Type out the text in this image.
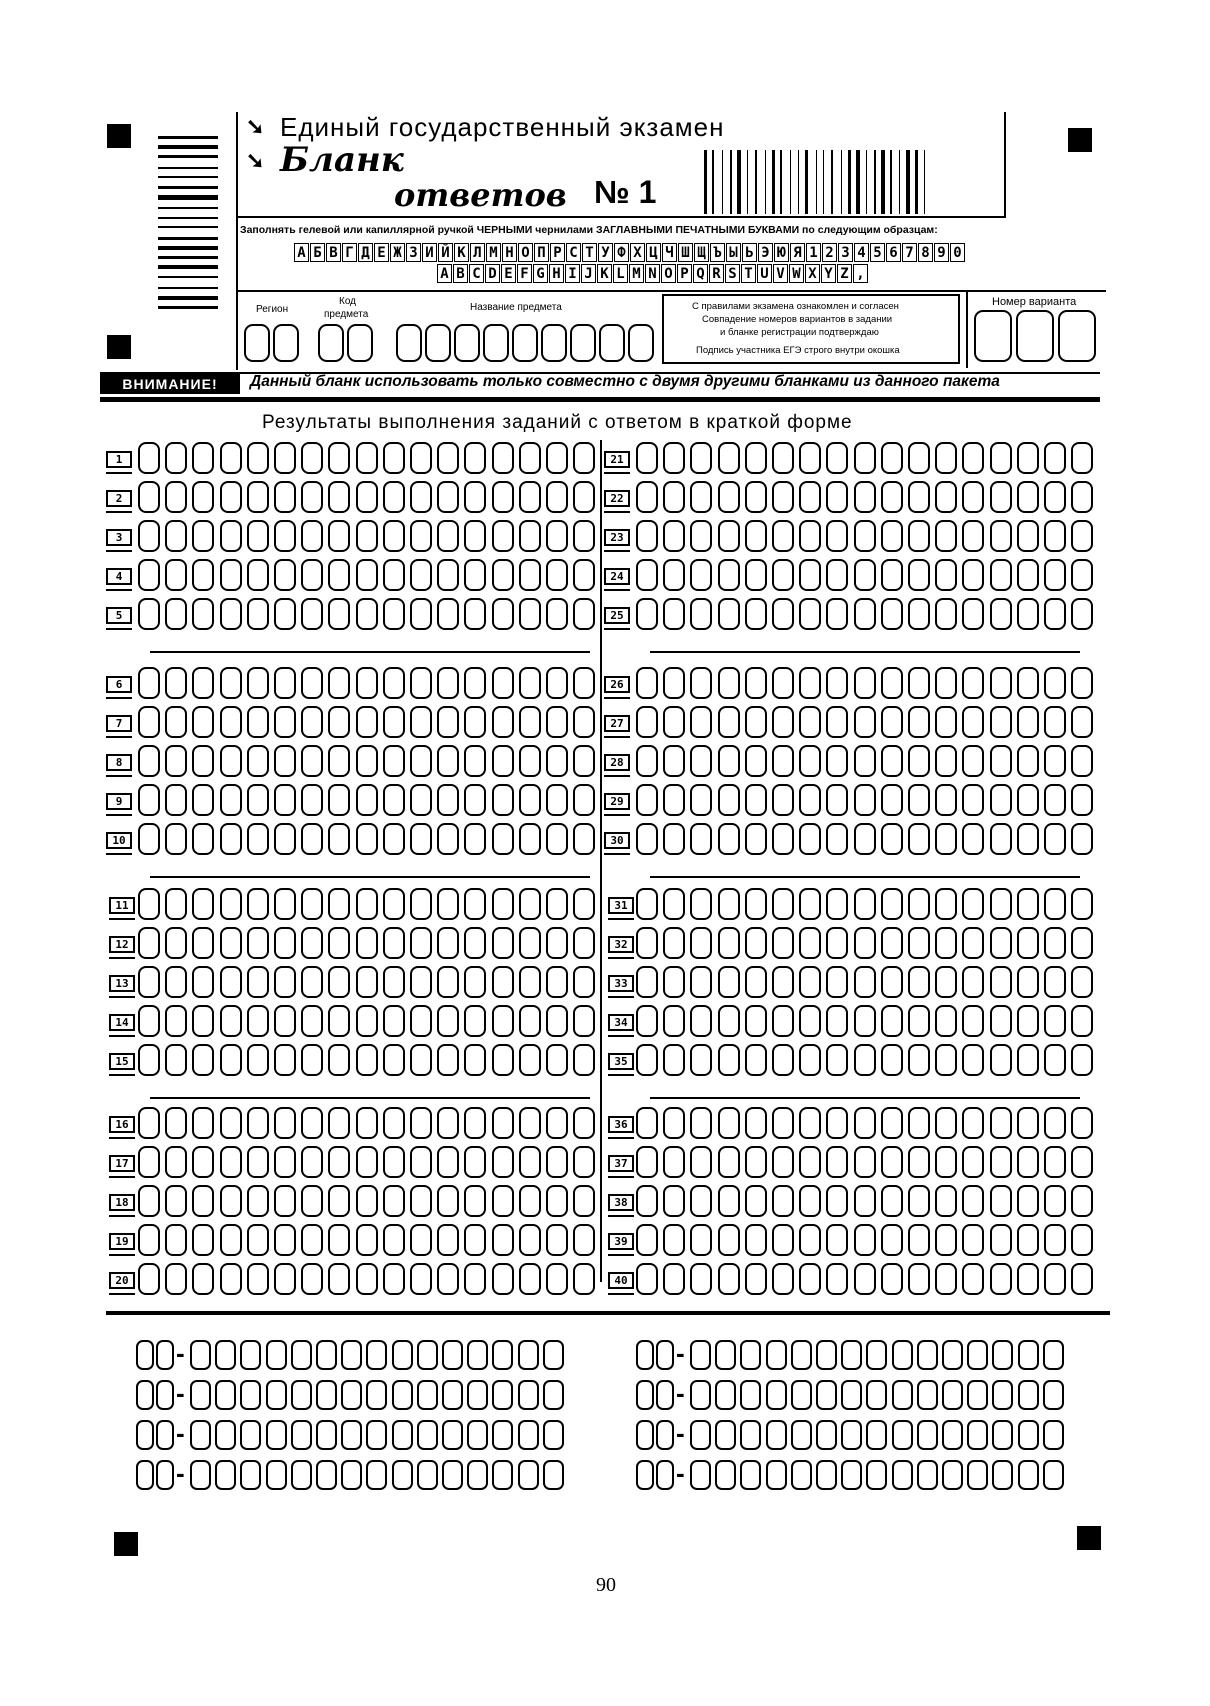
➘ Единый государственный экзамен
➘ Бланк
ответов № 1
Заполнять гелевой или капиллярной ручкой ЧЕРНЫМИ чернилами ЗАГЛАВНЫМИ ПЕЧАТНЫМИ БУКВАМИ по следующим образцам:
А Б В Г Д Е Ж З И Й К Л М Н О П Р С Т У Ф Х Ц Ч Ш Щ Ъ Ы Ь Э Ю Я 1 2 3 4 5 6 7 8 9 0
A B C D E F G H I J K L M N O P Q R S T U V W X Y Z ,
Регион
Код
предмета
Название предмета	С правилами экзамена ознакомлен и согласен
Совпадение номеров вариантов в задании
и бланке регистрации подтверждаю
Подпись участника ЕГЭ строго внутри окошка
Номер варианта
ВНИМАНИЕ!	Данный бланк использовать только совместно с двумя другими бланками из данного пакета
Результаты выполнения заданий с ответом в краткой форме
90
1	21
2	22
3	23
4	24
5	25
6	26
7	27
8	28
9	29
10	30
11	31
12	32
13	33
14	34
15	35
16	36
17	37
18	38
19	39
20	40
-	-
-	-
-	-
-	-
